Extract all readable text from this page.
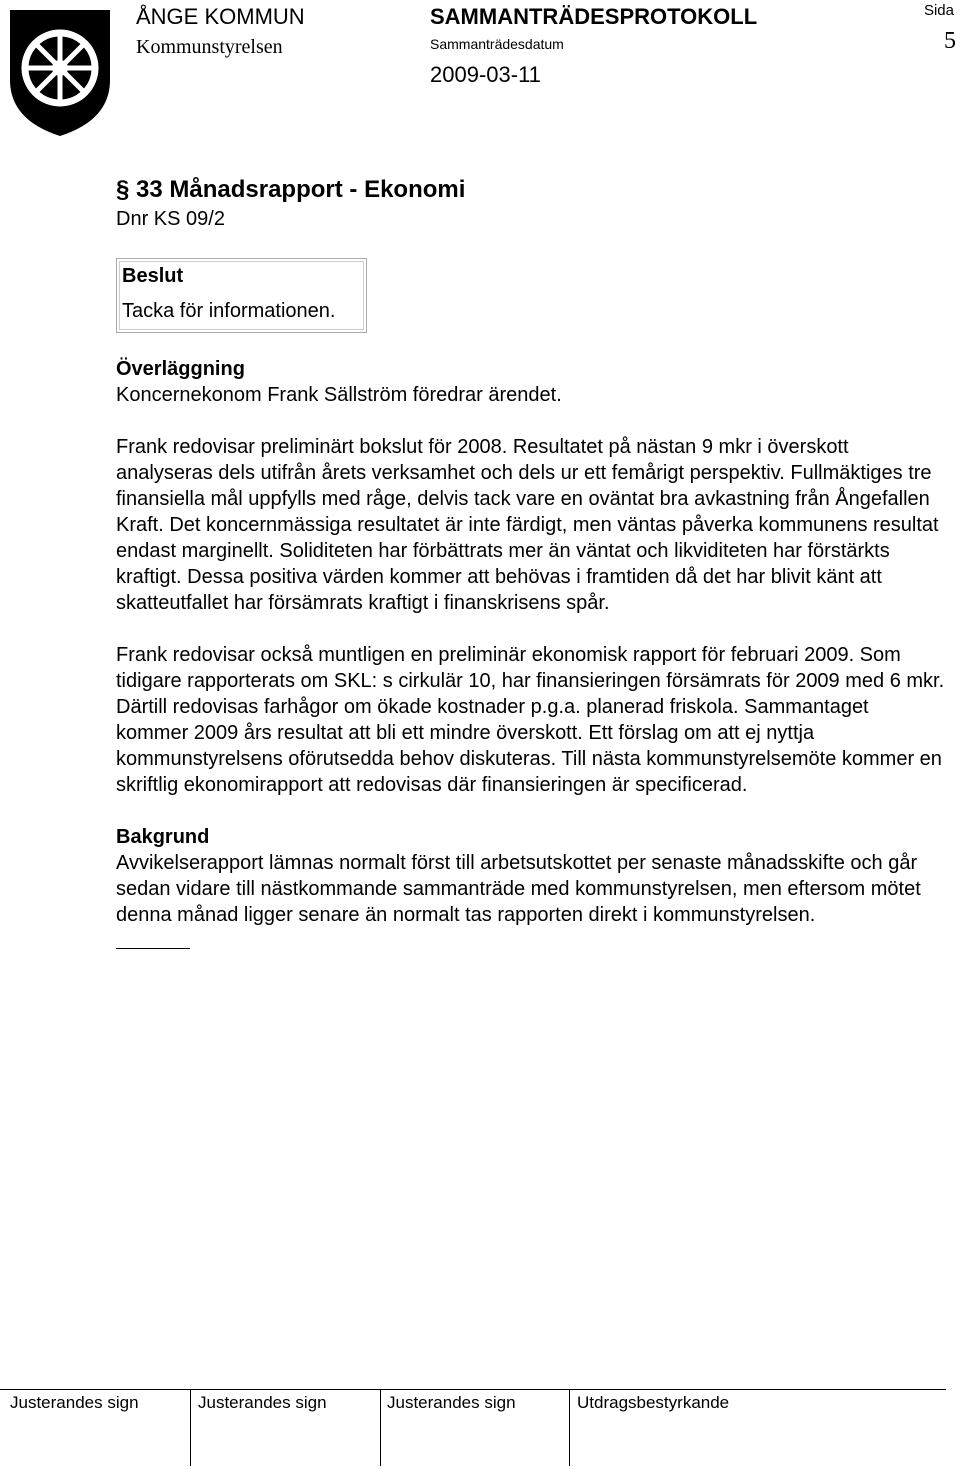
ÅNGE KOMMUN
Kommunstyrelsen
SAMMANTRÄDESPROTOKOLL
Sammanträdesdatum
2009-03-11
Sida
5
§ 33 Månadsrapport - Ekonomi
Dnr KS 09/2
Beslut
Tacka för informationen.

Överläggning

Koncernekonom Frank Sällström föredrar ärendet.

Frank redovisar preliminärt bokslut för 2008. Resultatet på nästan 9 mkr i överskott analyseras dels utifrån årets verksamhet och dels ur ett femårigt perspektiv. Fullmäktiges tre finansiella mål uppfylls med råge, delvis tack vare en oväntat bra avkastning från Ångefallen Kraft. Det koncernmässiga resultatet är inte färdigt, men väntas påverka kommunens resultat endast marginellt. Soliditeten har förbättrats mer än väntat och likviditeten har förstärkts kraftigt. Dessa positiva värden kommer att behövas i framtiden då det har blivit känt att skatteutfallet har försämrats kraftigt i finanskrisens spår.

Frank redovisar också muntligen en preliminär ekonomisk rapport för februari 2009. Som tidigare rapporterats om SKL: s cirkulär 10, har finansieringen försämrats för 2009 med 6 mkr. Därtill redovisas farhågor om ökade kostnader p.g.a. planerad friskola. Sammantaget kommer 2009 års resultat att bli ett mindre överskott. Ett förslag om att ej nyttja kommunstyrelsens oförutsedda behov diskuteras. Till nästa kommunstyrelsemöte kommer en skriftlig ekonomirapport att redovisas där finansieringen är specificerad.

Bakgrund

Avvikelserapport lämnas normalt först till arbetsutskottet per senaste månadsskifte och går sedan vidare till nästkommande sammanträde med kommunstyrelsen, men eftersom mötet denna månad ligger senare än normalt tas rapporten direkt i kommunstyrelsen.

Justerandes sign	Justerandes sign	Justerandes sign	Utdragsbestyrkande
